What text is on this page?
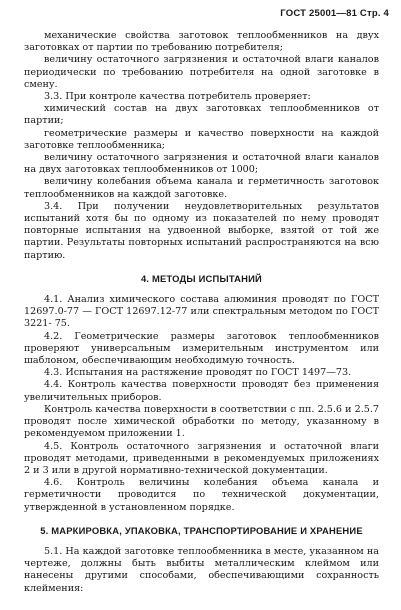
ГОСТ 25001—81 Стр. 4

механические свойства заготовок теплообменников на двух заготовках от партии по требованию потребителя;

величину остаточного загрязнения и остаточной влаги каналов периодически по требованию потребителя на одной заготовке в смену.

3.3. При контроле качества потребитель проверяет:

химический состав на двух заготовках теплообменников от партии;

геометрические размеры и качество поверхности на каждой заготовке теплообменника;

величину остаточного загрязнения и остаточной влаги каналов на двух заготовках теплообменников от 1000;

величину колебания объема канала и герметичность заготовок теплообменников на каждой заготовке.

3.4. При получении неудовлетворительных результатов испытаний хотя бы по одному из показателей по нему проводят повторные испытания на удвоенной выборке, взятой от той же партии. Результаты повторных испытаний распространяются на всю партию.

4. МЕТОДЫ ИСПЫТАНИЙ

4.1. Анализ химического состава алюминия проводят по ГОСТ 12697.0-77 — ГОСТ 12697.12-77 или спектральным методом по ГОСТ 3221- 75.

4.2. Геометрические размеры заготовок теплообменников проверяют универсальным измерительным инструментом или шаблоном, обеспечивающим необходимую точность.

4.3. Испытания на растяжение проводят по ГОСТ 1497—73.

4.4. Контроль качества поверхности проводят без применения увеличительных приборов.

Контроль качества поверхности в соответствии с пп. 2.5.6 и 2.5.7 проводят после химической обработки по методу, указанному в рекомендуемом приложении 1.

4.5. Контроль остаточного загрязнения и остаточной влаги проводят методами, приведенными в рекомендуемых приложениях 2 и 3 или в другой нормативно-технической документации.

4.6. Контроль величины колебания объема канала и герметичности проводится по технической документации, утвержденной в установленном порядке.

5. МАРКИРОВКА, УПАКОВКА, ТРАНСПОРТИРОВАНИЕ И ХРАНЕНИЕ

5.1. На каждой заготовке теплообменника в месте, указанном на чертеже, должны быть выбиты металлическим клеймом или нанесены другими способами, обеспечивающими сохранность клеймения:
